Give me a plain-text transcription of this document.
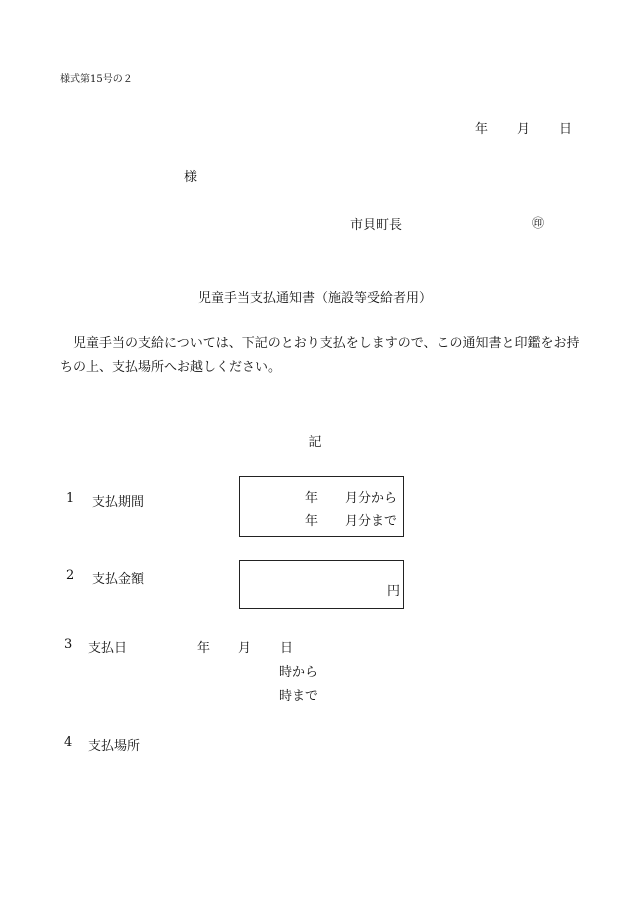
様式第15号の２
年 月 日
様
市貝町長	㊞
児童手当支払通知書（施設等受給者用）
児童手当の支給については、下記のとおり支払をしますので、この通知書と印鑑をお持ちの上、支払場所へお越しください。
記
1 支払期間	年 月分から
年 月分まで
2 支払金額
円
3 支払日	年 月 日
時から
時まで
4 支払場所
